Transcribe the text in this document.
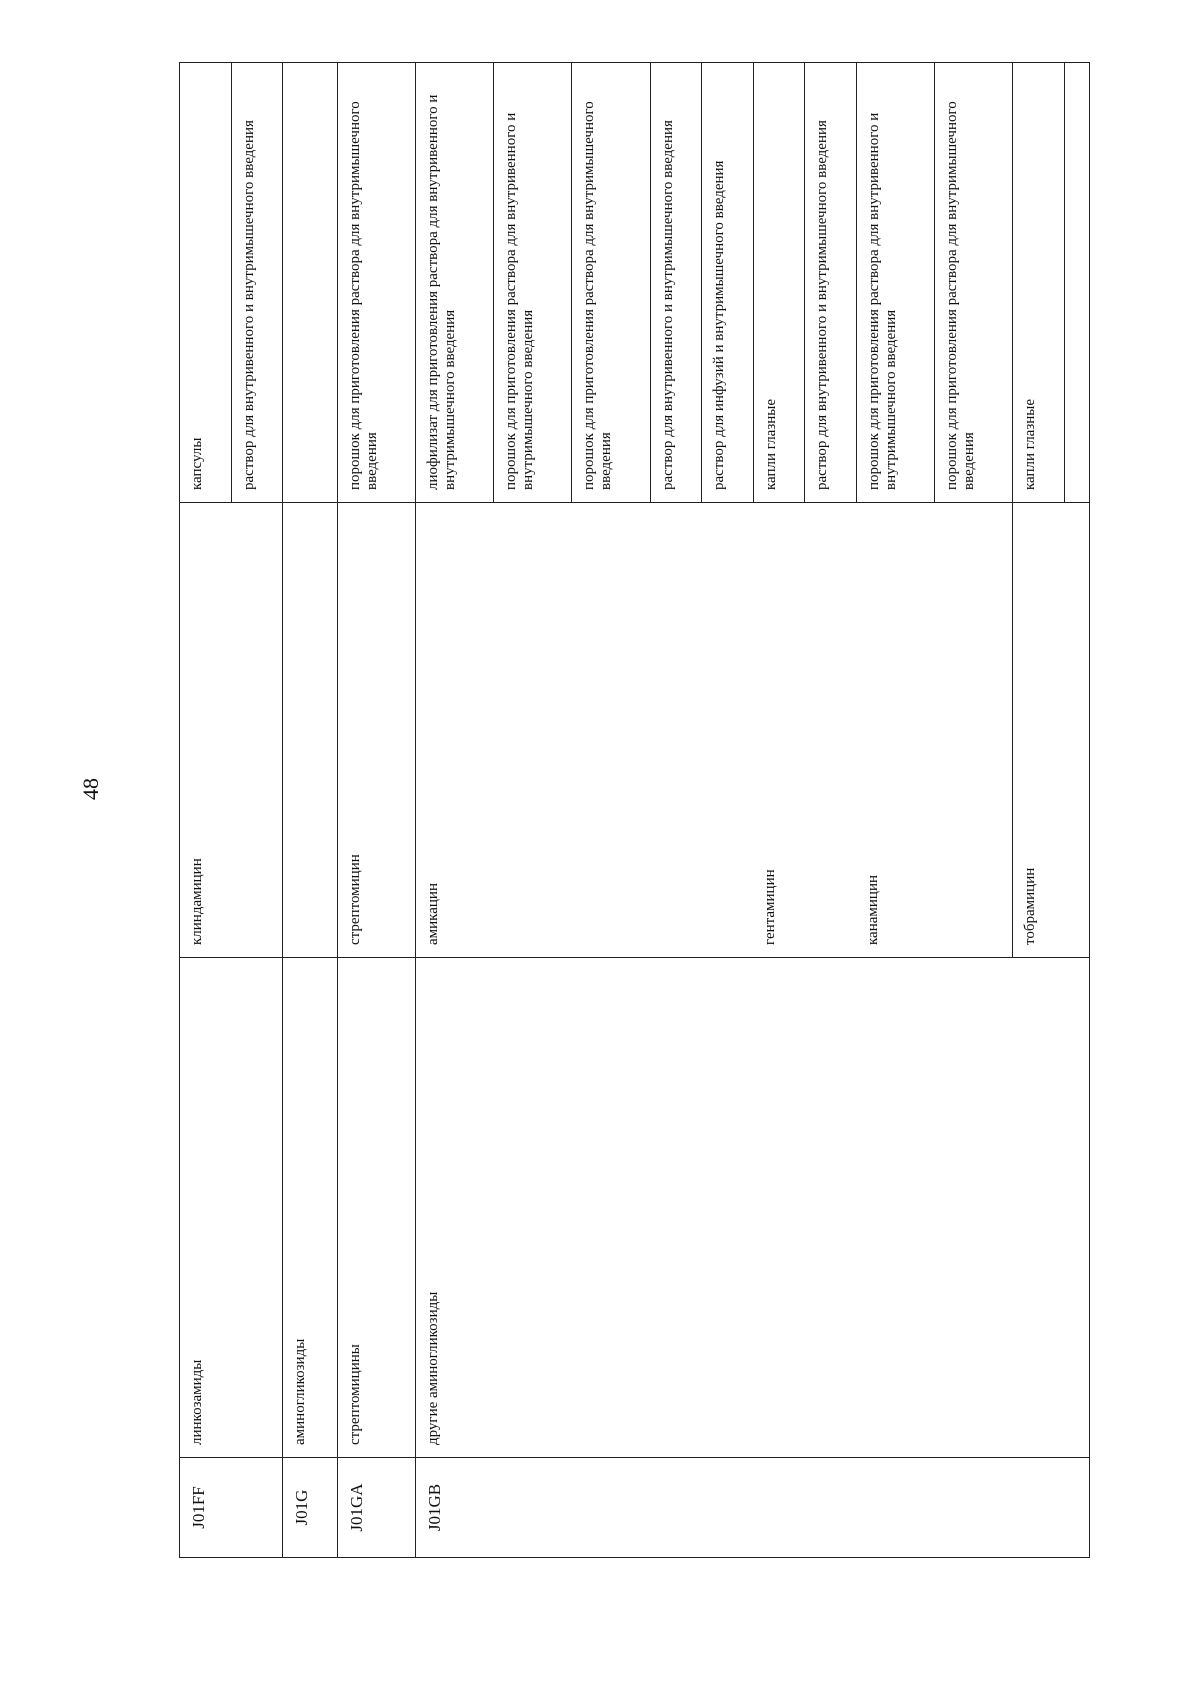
48
J01FF	линкозамиды	клиндамицин	капсулы
			раствор для внутривенного и внутримышечного введения
J01G	аминогликозиды		
J01GA	стрептомицины	стрептомицин	порошок для приготовления раствора для внутримышечного введения
J01GB	другие аминогликозиды	амикацин	лиофилизат для приготовления раствора для внутривенного и внутримышечного введения
			порошок для приготовления раствора для внутривенного и внутримышечного введения
			порошок для приготовления раствора для внутримышечного введения
			раствор для внутривенного и внутримышечного введения
			раствор для инфузий и внутримышечного введения
		гентамицин	капли глазные
			раствор для внутривенного и внутримышечного введения
		канамицин	порошок для приготовления раствора для внутривенного и внутримышечного введения
			порошок для приготовления раствора для внутримышечного введения
		тобрамицин	капли глазные
